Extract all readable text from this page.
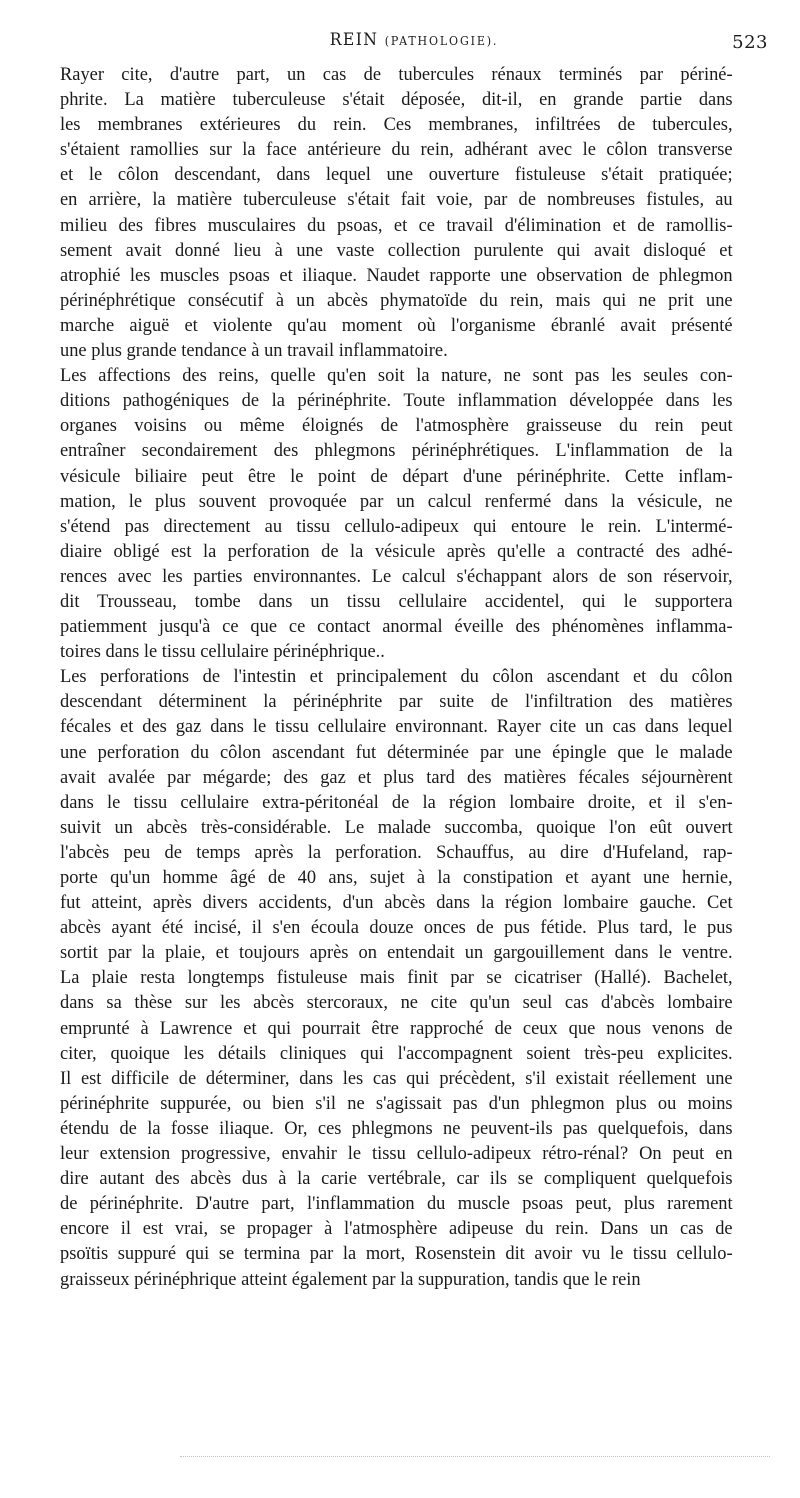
REIN (PATHOLOGIE).	523
Rayer cite, d'autre part, un cas de tubercules rénaux terminés par périné-
phrite. La matière tuberculeuse s'était déposée, dit-il, en grande partie dans
les membranes extérieures du rein. Ces membranes, infiltrées de tubercules,
s'étaient ramollies sur la face antérieure du rein, adhérant avec le côlon transverse
et le côlon descendant, dans lequel une ouverture fistuleuse s'était pratiquée;
en arrière, la matière tuberculeuse s'était fait voie, par de nombreuses fistules, au
milieu des fibres musculaires du psoas, et ce travail d'élimination et de ramollis-
sement avait donné lieu à une vaste collection purulente qui avait disloqué et
atrophié les muscles psoas et iliaque. Naudet rapporte une observation de phlegmon
périnéphrétique consécutif à un abcès phymatoïde du rein, mais qui ne prit une
marche aiguë et violente qu'au moment où l'organisme ébranlé avait présenté
une plus grande tendance à un travail inflammatoire.
Les affections des reins, quelle qu'en soit la nature, ne sont pas les seules con-
ditions pathogéniques de la périnéphrite. Toute inflammation développée dans les
organes voisins ou même éloignés de l'atmosphère graisseuse du rein peut
entraîner secondairement des phlegmons périnéphrétiques. L'inflammation de la
vésicule biliaire peut être le point de départ d'une périnéphrite. Cette inflam-
mation, le plus souvent provoquée par un calcul renfermé dans la vésicule, ne
s'étend pas directement au tissu cellulo-adipeux qui entoure le rein. L'intermé-
diaire obligé est la perforation de la vésicule après qu'elle a contracté des adhé-
rences avec les parties environnantes. Le calcul s'échappant alors de son réservoir,
dit Trousseau, tombe dans un tissu cellulaire accidentel, qui le supportera
patiemment jusqu'à ce que ce contact anormal éveille des phénomènes inflamma-
toires dans le tissu cellulaire périnéphrique..
Les perforations de l'intestin et principalement du côlon ascendant et du côlon
descendant déterminent la périnéphrite par suite de l'infiltration des matières
fécales et des gaz dans le tissu cellulaire environnant. Rayer cite un cas dans lequel
une perforation du côlon ascendant fut déterminée par une épingle que le malade
avait avalée par mégarde; des gaz et plus tard des matières fécales séjournèrent
dans le tissu cellulaire extra-péritonéal de la région lombaire droite, et il s'en-
suivit un abcès très-considérable. Le malade succomba, quoique l'on eût ouvert
l'abcès peu de temps après la perforation. Schauffus, au dire d'Hufeland, rap-
porte qu'un homme âgé de 40 ans, sujet à la constipation et ayant une hernie,
fut atteint, après divers accidents, d'un abcès dans la région lombaire gauche. Cet
abcès ayant été incisé, il s'en écoula douze onces de pus fétide. Plus tard, le pus
sortit par la plaie, et toujours après on entendait un gargouillement dans le ventre.
La plaie resta longtemps fistuleuse mais finit par se cicatriser (Hallé). Bachelet,
dans sa thèse sur les abcès stercoraux, ne cite qu'un seul cas d'abcès lombaire
emprunté à Lawrence et qui pourrait être rapproché de ceux que nous venons de
citer, quoique les détails cliniques qui l'accompagnent soient très-peu explicites.
Il est difficile de déterminer, dans les cas qui précèdent, s'il existait réellement une
périnéphrite suppurée, ou bien s'il ne s'agissait pas d'un phlegmon plus ou moins
étendu de la fosse iliaque. Or, ces phlegmons ne peuvent-ils pas quelquefois, dans
leur extension progressive, envahir le tissu cellulo-adipeux rétro-rénal? On peut en
dire autant des abcès dus à la carie vertébrale, car ils se compliquent quelquefois
de périnéphrite. D'autre part, l'inflammation du muscle psoas peut, plus rarement
encore il est vrai, se propager à l'atmosphère adipeuse du rein. Dans un cas de
psoïtis suppuré qui se termina par la mort, Rosenstein dit avoir vu le tissu cellulo-
graisseux périnéphrique atteint également par la suppuration, tandis que le rein
